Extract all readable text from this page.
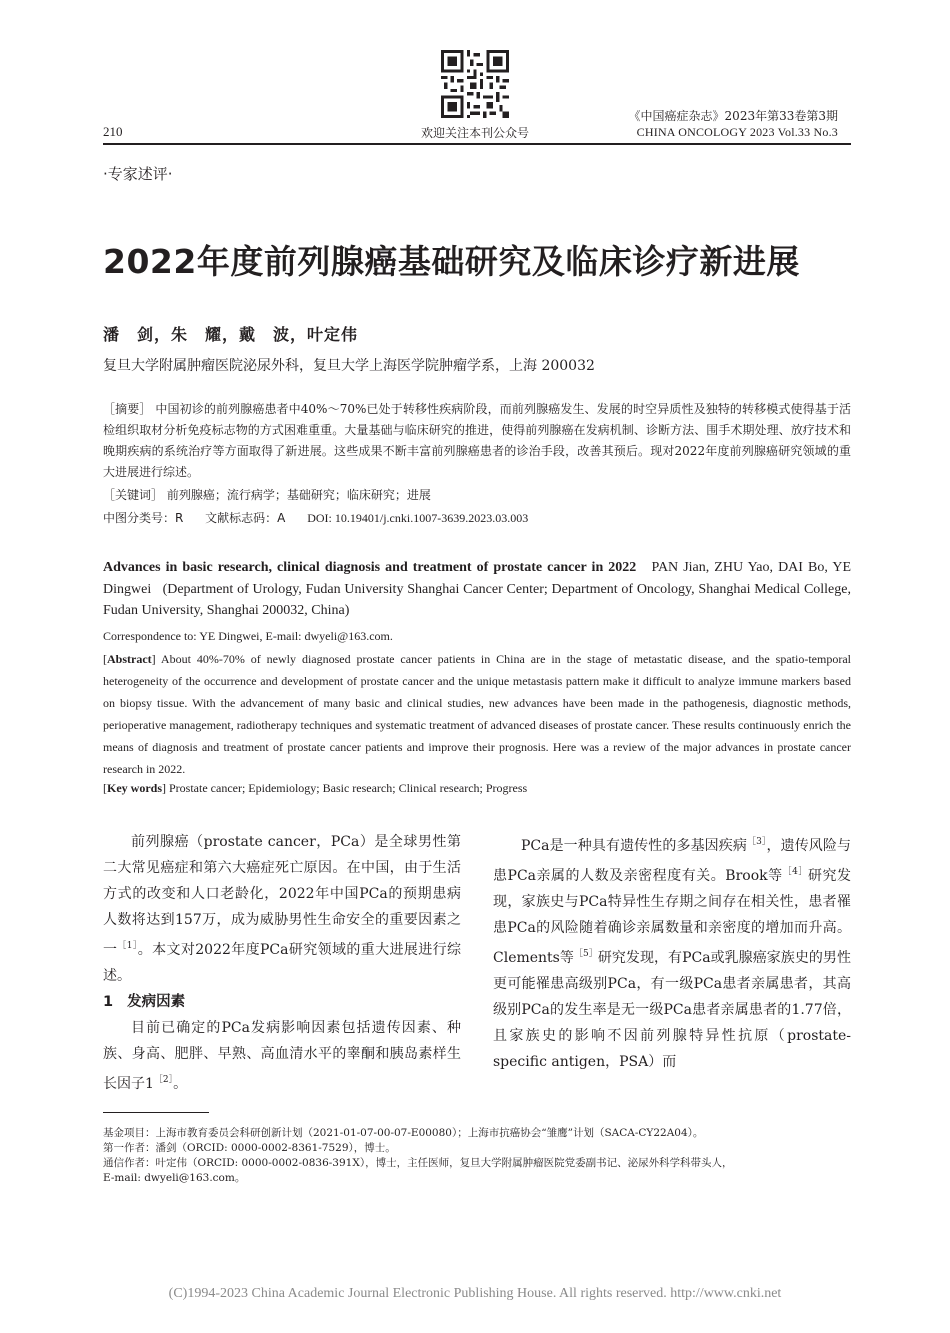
210	欢迎关注本刊公众号
《中国癌症杂志》2023年第33卷第3期
CHINA ONCOLOGY 2023 Vol.33 No.3
·专家述评·
2022年度前列腺癌基础研究及临床诊疗新进展
潘　剑，朱　耀，戴　波，叶定伟
复旦大学附属肿瘤医院泌尿外科，复旦大学上海医学院肿瘤学系，上海 200032
［摘要］ 中国初诊的前列腺癌患者中40%～70%已处于转移性疾病阶段，而前列腺癌发生、发展的时空异质性及独特的转移模式使得基于活检组织取材分析免疫标志物的方式困难重重。大量基础与临床研究的推进，使得前列腺癌在发病机制、诊断方法、围手术期处理、放疗技术和晚期疾病的系统治疗等方面取得了新进展。这些成果不断丰富前列腺癌患者的诊治手段，改善其预后。现对2022年度前列腺癌研究领域的重大进展进行综述。
［关键词］ 前列腺癌；流行病学；基础研究；临床研究；进展
中图分类号：R 文献标志码：A DOI: 10.19401/j.cnki.1007-3639.2023.03.003
Advances in basic research, clinical diagnosis and treatment of prostate cancer in 2022 PAN Jian, ZHU Yao, DAI Bo, YE Dingwei (Department of Urology, Fudan University Shanghai Cancer Center; Department of Oncology, Shanghai Medical College, Fudan University, Shanghai 200032, China)
Correspondence to: YE Dingwei, E-mail: dwyeli@163.com.
[Abstract] About 40%-70% of newly diagnosed prostate cancer patients in China are in the stage of metastatic disease, and the spatio-temporal heterogeneity of the occurrence and development of prostate cancer and the unique metastasis pattern make it difficult to analyze immune markers based on biopsy tissue. With the advancement of many basic and clinical studies, new advances have been made in the pathogenesis, diagnostic methods, perioperative management, radiotherapy techniques and systematic treatment of advanced diseases of prostate cancer. These results continuously enrich the means of diagnosis and treatment of prostate cancer patients and improve their prognosis. Here was a review of the major advances in prostate cancer research in 2022.
[Key words] Prostate cancer; Epidemiology; Basic research; Clinical research; Progress

前列腺癌（prostate cancer，PCa）是全球男性第二大常见癌症和第六大癌症死亡原因。在中国，由于生活方式的改变和人口老龄化，2022年中国PCa的预期患病人数将达到157万，成为威胁男性生命安全的重要因素之一$^{[1]}$。本文对2022年度PCa研究领域的重大进展进行综述。

1 发病因素

目前已确定的PCa发病影响因素包括遗传因素、种族、身高、肥胖、早熟、高血清水平的睾酮和胰岛素样生长因子$1^{[2]}$。

PCa是一种具有遗传性的多基因疾病$^{[3]}$，遗传风险与患PCa亲属的人数及亲密程度有关。Brook等$^{[4]}$研究发现，家族史与PCa特异性生存期之间存在相关性，患者罹患PCa的风险随着确诊亲属数量和亲密度的增加而升高。Clements等$^{[5]}$研究发现，有PCa或乳腺癌家族史的男性更可能罹患高级别PCa，有一级PCa患者亲属患者，其高级别PCa的发生率是无一级PCa患者亲属患者的1.77倍，且家族史的影响不因前列腺特异性抗原（prostate-specific antigen，PSA）而

基金项目：上海市教育委员会科研创新计划（2021-01-07-00-07-E00080）；上海市抗癌协会“雏鹰”计划（SACA-CY22A04）。
第一作者：潘剑（ORCID: 0000-0002-8361-7529），博士。
通信作者：叶定伟（ORCID: 0000-0002-0836-391X），博士，主任医师，复旦大学附属肿瘤医院党委副书记、泌尿外科学科带头人，
E-mail: dwyeli@163.com。
(C)1994-2023 China Academic Journal Electronic Publishing House. All rights reserved. http://www.cnki.net
